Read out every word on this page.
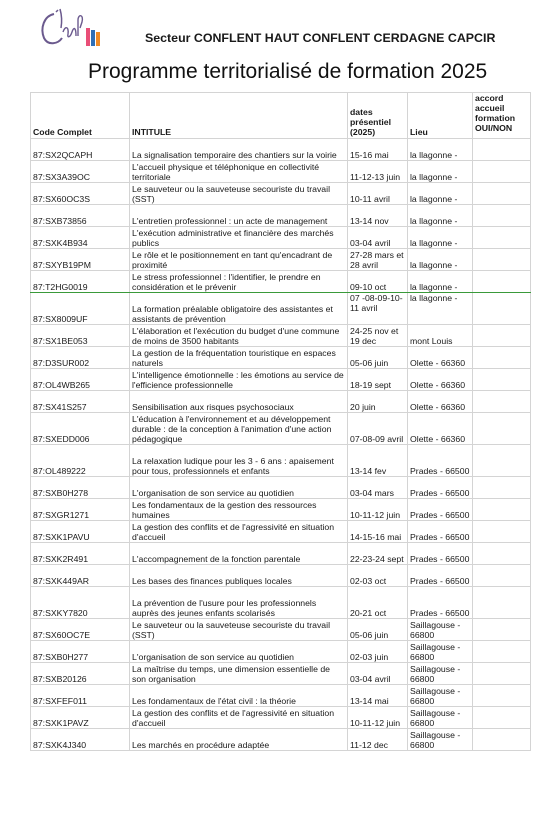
Secteur CONFLENT HAUT CONFLENT CERDAGNE CAPCIR
Programme territorialisé de formation 2025
Code Complet	INTITULE	dates présentiel (2025)	Lieu	accord accueil formation OUI/NON
87:SX2QCAPH	La signalisation temporaire des chantiers sur la voirie	15-16 mai	la llagonne -	
87:SX3A39OC	L'accueil physique et téléphonique en collectivité territoriale	11-12-13 juin	la llagonne -	
87:SX60OC3S	Le sauveteur ou la sauveteuse secouriste du travail (SST)	10-11 avril	la llagonne -	
87:SXB73856	L'entretien professionnel : un acte de management	13-14 nov	la llagonne -	
87:SXK4B934	L'exécution administrative et financière des marchés publics	03-04 avril	la llagonne -	
87:SXYB19PM	Le rôle et le positionnement en tant qu'encadrant de proximité	27-28 mars et 28 avril	la llagonne -	
87:T2HG0019	Le stress professionnel : l'identifier, le prendre en considération et le prévenir	09-10 oct	la llagonne -	
87:SX8009UF	La formation préalable obligatoire des assistantes et assistants de prévention	07 -08-09-10-11 avril	la llagonne -	
87:SX1BE053	L'élaboration et l'exécution du budget d'une commune de moins de 3500 habitants	24-25 nov et 19 dec	mont Louis	
87:D3SUR002	La gestion de la fréquentation touristique en espaces naturels	05-06 juin	Olette - 66360	
87:OL4WB265	L'intelligence émotionnelle : les émotions au service de l'efficience professionnelle	18-19 sept	Olette - 66360	
87:SX41S257	Sensibilisation aux risques psychosociaux	20 juin	Olette - 66360	
87:SXEDD006	L'éducation à l'environnement et au développement durable : de la conception à l'animation d'une action pédagogique	07-08-09 avril	Olette - 66360	
87:OL489222	La relaxation ludique pour les 3 - 6 ans : apaisement pour tous, professionnels et enfants	13-14 fev	Prades - 66500	
87:SXB0H278	L'organisation de son service au quotidien	03-04 mars	Prades - 66500	
87:SXGR1271	Les fondamentaux de la gestion des ressources humaines	10-11-12 juin	Prades - 66500	
87:SXK1PAVU	La gestion des conflits et de l'agressivité en situation d'accueil	14-15-16 mai	Prades - 66500	
87:SXK2R491	L'accompagnement de la fonction parentale	22-23-24 sept	Prades - 66500	
87:SXK449AR	Les bases des finances publiques locales	02-03 oct	Prades - 66500	
87:SXKY7820	La prévention de l'usure pour les professionnels auprès des jeunes enfants scolarisés	20-21 oct	Prades - 66500	
87:SX60OC7E	Le sauveteur ou la sauveteuse secouriste du travail (SST)	05-06 juin	Saillagouse - 66800	
87:SXB0H277	L'organisation de son service au quotidien	02-03 juin	Saillagouse - 66800	
87:SXB20126	La maîtrise du temps, une dimension essentielle de son organisation	03-04 avril	Saillagouse - 66800	
87:SXFEF011	Les fondamentaux de l'état civil : la théorie	13-14 mai	Saillagouse - 66800	
87:SXK1PAVZ	La gestion des conflits et de l'agressivité en situation d'accueil	10-11-12 juin	Saillagouse - 66800	
87:SXK4J340	Les marchés en procédure adaptée	11-12 dec	Saillagouse - 66800	
